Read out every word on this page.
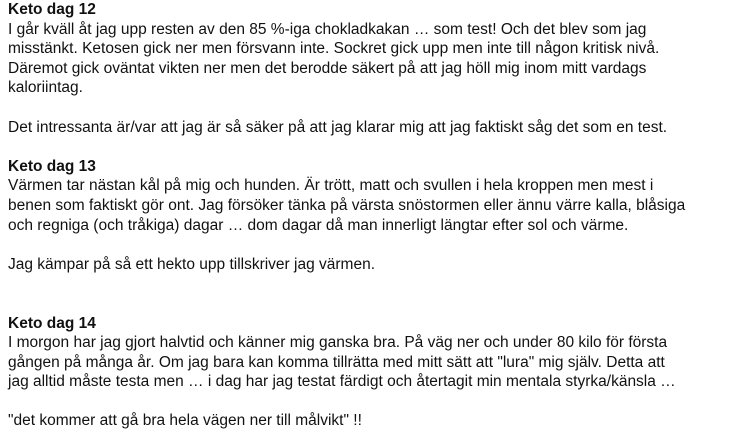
Keto dag 12

I går kväll åt jag upp resten av den 85 %-iga chokladkakan … som test! Och det blev som jag
misstänkt. Ketosen gick ner men försvann inte. Sockret gick upp men inte till någon kritisk nivå.
Däremot gick oväntat vikten ner men det berodde säkert på att jag höll mig inom mitt vardags
kaloriintag.

Det intressanta är/var att jag är så säker på att jag klarar mig att jag faktiskt såg det som en test.

Keto dag 13

Värmen tar nästan kål på mig och hunden. Är trött, matt och svullen i hela kroppen men mest i
benen som faktiskt gör ont. Jag försöker tänka på värsta snöstormen eller ännu värre kalla, blåsiga
och regniga (och tråkiga) dagar … dom dagar då man innerligt längtar efter sol och värme.

Jag kämpar på så ett hekto upp tillskriver jag värmen.

Keto dag 14

I morgon har jag gjort halvtid och känner mig ganska bra. På väg ner och under 80 kilo för första
gången på många år. Om jag bara kan komma tillrätta med mitt sätt att "lura" mig själv. Detta att
jag alltid måste testa men … i dag har jag testat färdigt och återtagit min mentala styrka/känsla …

"det kommer att gå bra hela vägen ner till målvikt" !!
